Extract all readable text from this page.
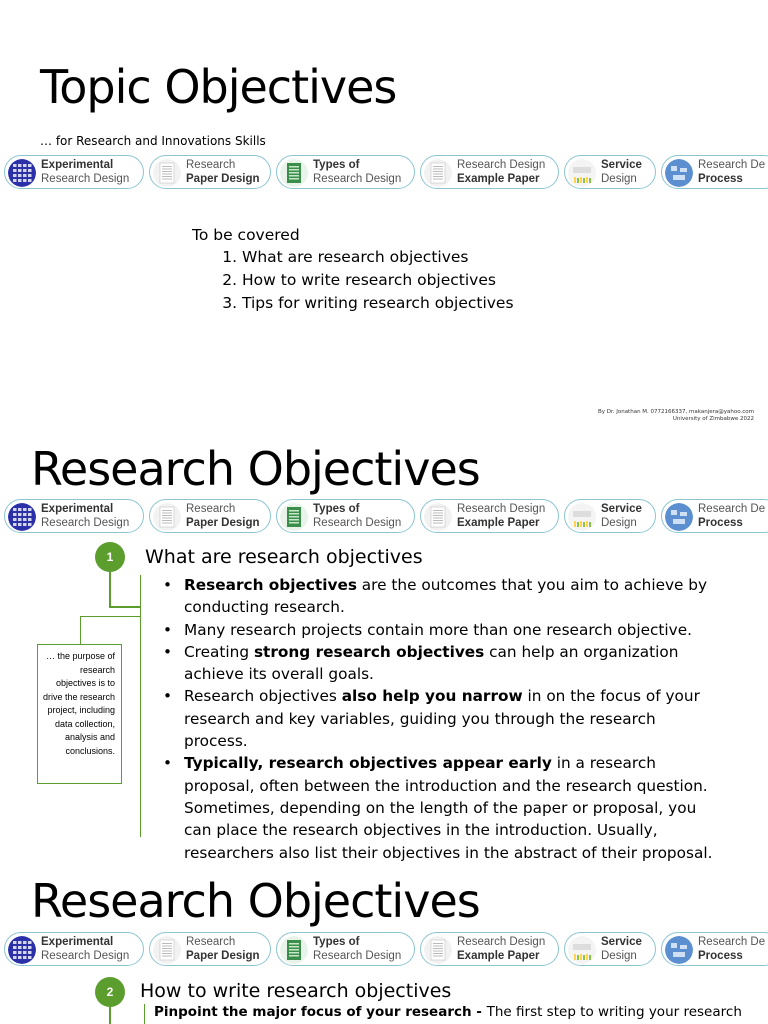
Topic Objectives
… for Research and Innovations Skills
Experimental
Research Design
Research
Paper Design
Types of
Research Design
Research Design
Example Paper
Service
Design
Research De
Process
To be covered
1. What are research objectives
2. How to write research objectives
3. Tips for writing research objectives
By Dr. Jonathan M. 0772166337, makanjera@yahoo.com
University of Zimbabwe 2022
Research Objectives
Experimental
Research Design
Research
Paper Design
Types of
Research Design
Research Design
Example Paper
Service
Design
Research De
Process
1	What are research objectives
… the purpose of research objectives is to drive the research project, including data collection, analysis and conclusions.
• Research objectives are the outcomes that you aim to achieve by conducting research.
• Many research projects contain more than one research objective.
• Creating strong research objectives can help an organization achieve its overall goals.
• Research objectives also help you narrow in on the focus of your research and key variables, guiding you through the research process.
• Typically, research objectives appear early in a research proposal, often between the introduction and the research question. Sometimes, depending on the length of the paper or proposal, you can place the research objectives in the introduction. Usually, researchers also list their objectives in the abstract of their proposal.
Research Objectives
Experimental
Research Design
Research
Paper Design
Types of
Research Design
Research Design
Example Paper
Service
Design
Research De
Process
2	How to write research objectives
Pinpoint the major focus of your research - The first step to writing your research
